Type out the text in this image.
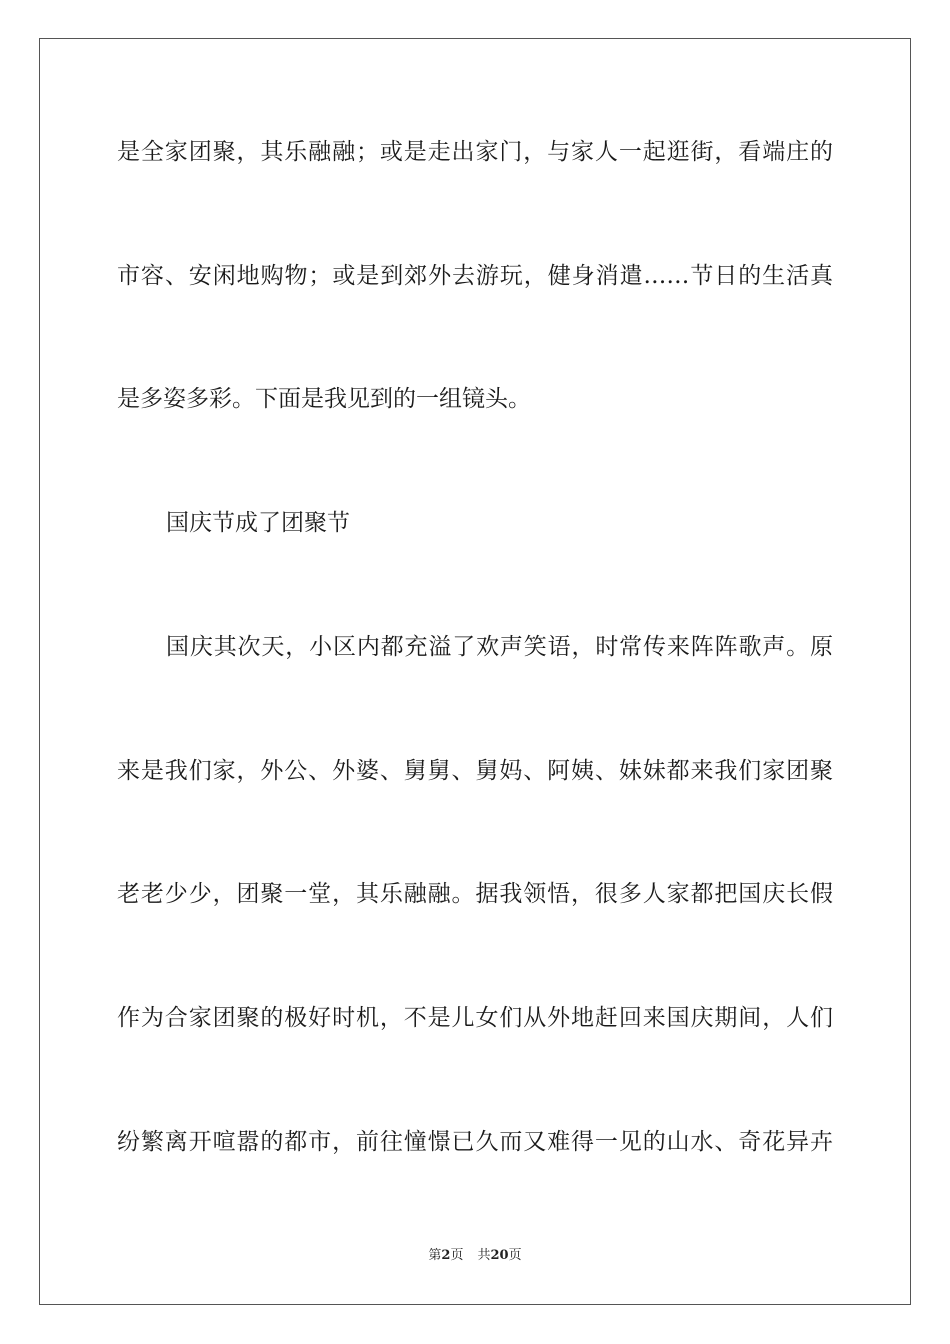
是全家团聚，其乐融融；或是走出家门，与家人一起逛街，看端庄的
市容、安闲地购物；或是到郊外去游玩，健身消遣……节日的生活真
是多姿多彩。下面是我见到的一组镜头。
国庆节成了团聚节
国庆其次天，小区内都充溢了欢声笑语，时常传来阵阵歌声。原
来是我们家，外公、外婆、舅舅、舅妈、阿姨、妹妹都来我们家团聚
老老少少，团聚一堂，其乐融融。据我领悟，很多人家都把国庆长假
作为合家团聚的极好时机，不是儿女们从外地赶回来国庆期间，人们
纷繁离开喧嚣的都市，前往憧憬已久而又难得一见的山水、奇花异卉
第2页 共20页
